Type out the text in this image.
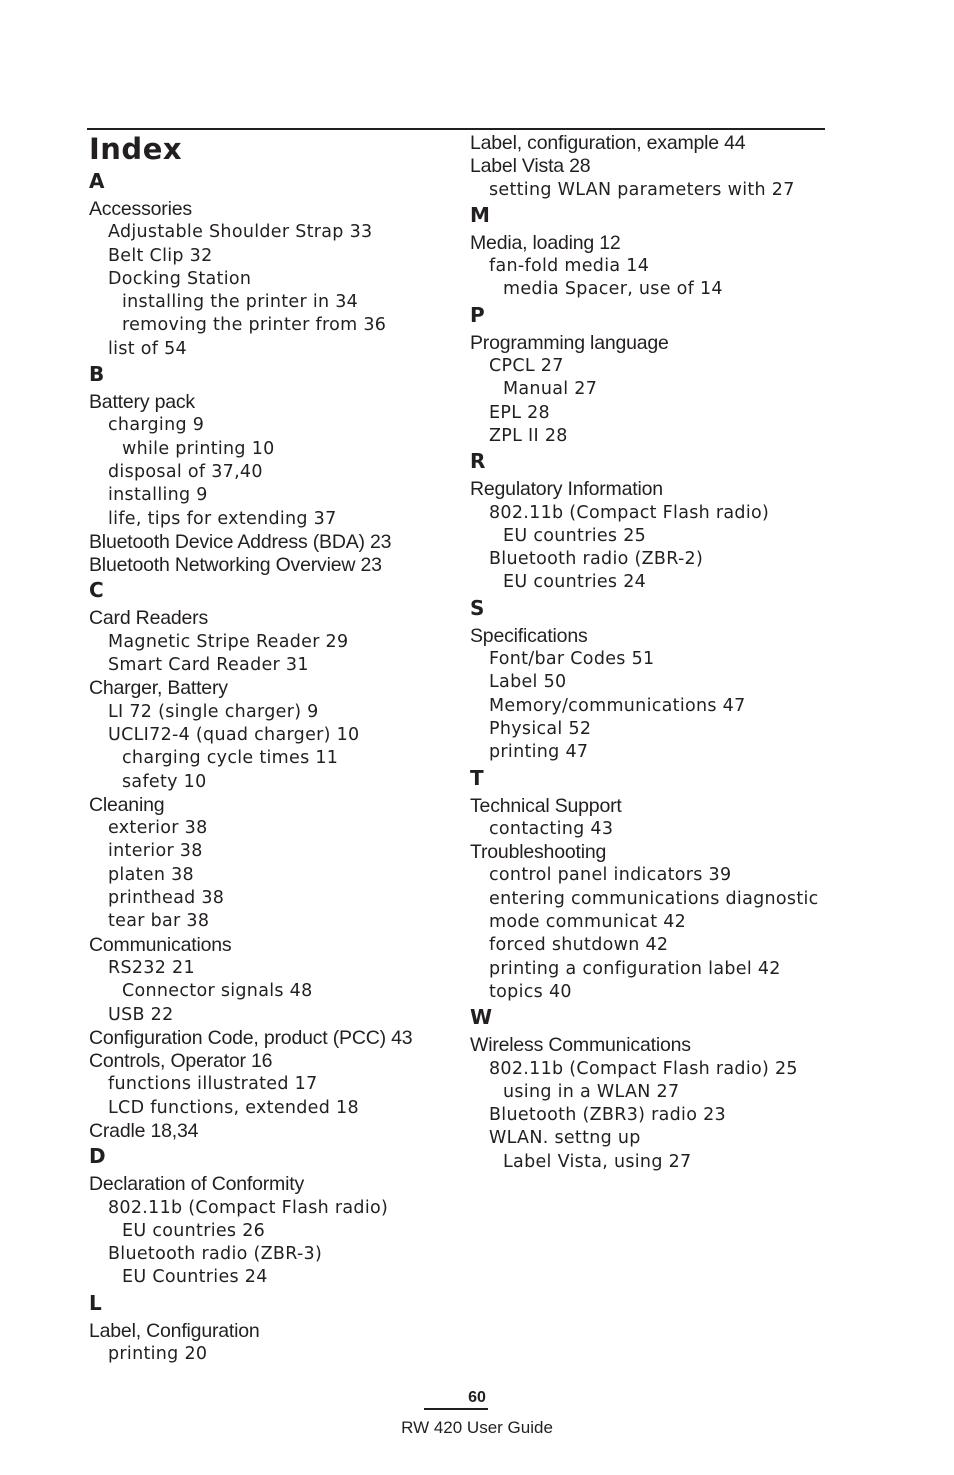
Index
A
Accessories
Adjustable Shoulder Strap 33
Belt Clip 32
Docking Station
installing the printer in 34
removing the printer from 36
list of 54
B
Battery pack
charging 9
while printing 10
disposal of 37,40
installing 9
life, tips for extending 37
Bluetooth Device Address (BDA) 23
Bluetooth Networking Overview 23
C
Card Readers
Magnetic Stripe Reader 29
Smart Card Reader 31
Charger, Battery
LI 72 (single charger) 9
UCLI72-4 (quad charger) 10
charging cycle times 11
safety 10
Cleaning
exterior 38
interior 38
platen 38
printhead 38
tear bar 38
Communications
RS232 21
Connector signals 48
USB 22
Configuration Code, product (PCC) 43
Controls, Operator 16
functions illustrated 17
LCD functions, extended 18
Cradle 18,34
D
Declaration of Conformity
802.11b (Compact Flash radio)
EU countries 26
Bluetooth radio (ZBR-3)
EU Countries 24
L
Label, Configuration
printing 20
Label, configuration, example 44
Label Vista 28
setting WLAN parameters with 27
M
Media, loading 12
fan-fold media 14
media Spacer, use of 14
P
Programming language
CPCL 27
Manual 27
EPL 28
ZPL II 28
R
Regulatory Information
802.11b (Compact Flash radio)
EU countries 25
Bluetooth radio (ZBR-2)
EU countries 24
S
Specifications
Font/bar Codes 51
Label 50
Memory/communications 47
Physical 52
printing 47
T
Technical Support
contacting 43
Troubleshooting
control panel indicators 39
entering communications diagnostic
mode communicat 42
forced shutdown 42
printing a configuration label 42
topics 40
W
Wireless Communications
802.11b (Compact Flash radio) 25
using in a WLAN 27
Bluetooth (ZBR3) radio 23
WLAN. settng up
Label Vista, using 27
60
RW 420 User Guide
